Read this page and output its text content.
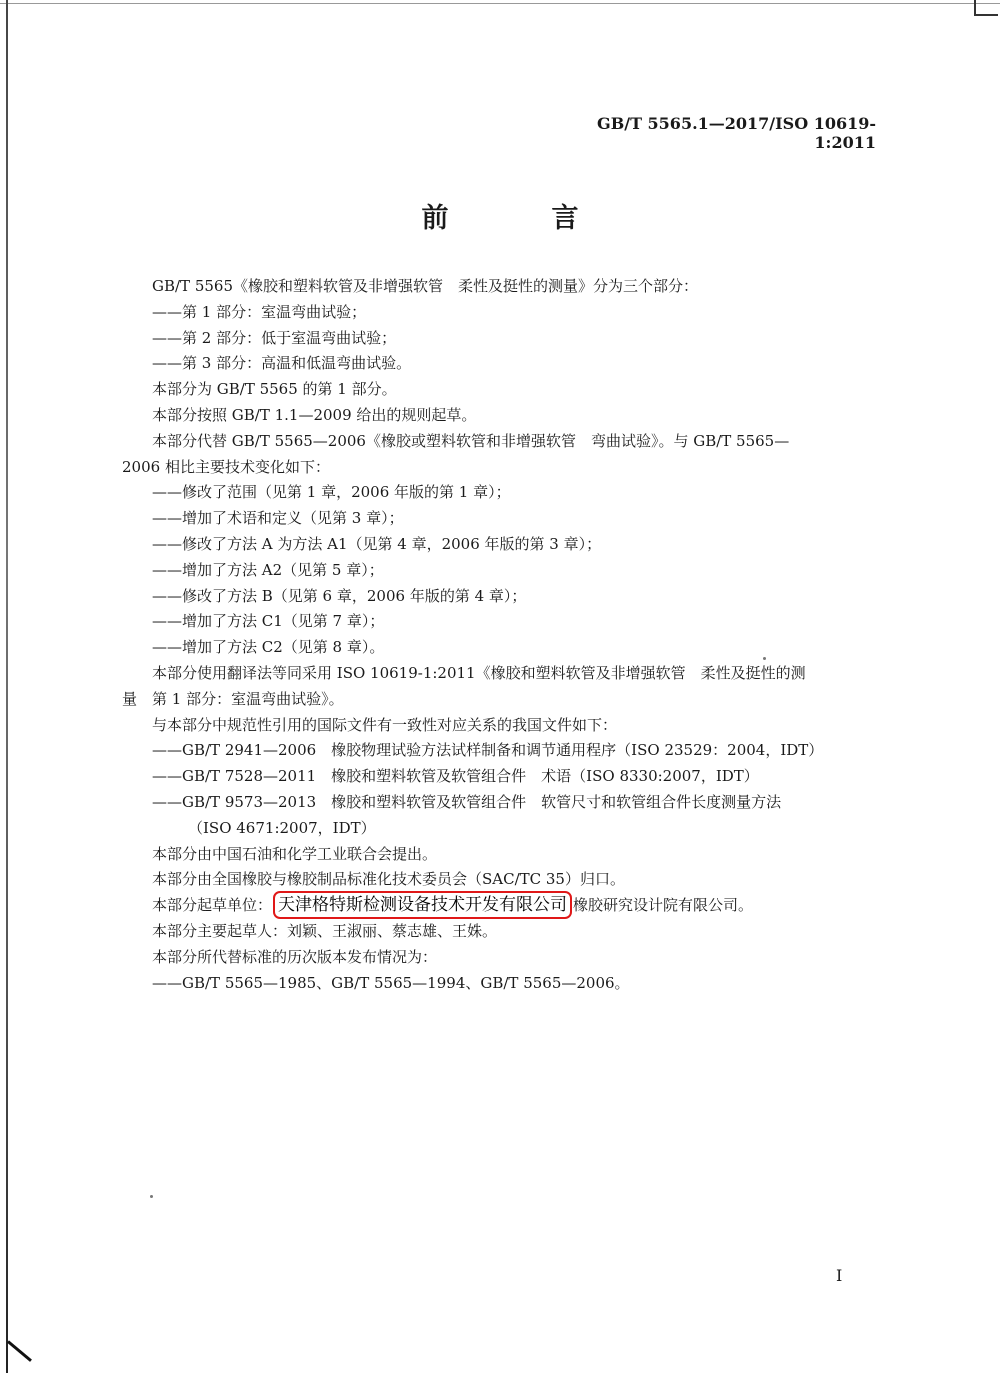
GB/T 5565.1—2017/ISO 10619-1:2011
前　言

GB/T 5565《橡胶和塑料软管及非增强软管　柔性及挺性的测量》分为三个部分：

——第 1 部分：室温弯曲试验；

——第 2 部分：低于室温弯曲试验；

——第 3 部分：高温和低温弯曲试验。

本部分为 GB/T 5565 的第 1 部分。

本部分按照 GB/T 1.1—2009 给出的规则起草。

本部分代替 GB/T 5565—2006《橡胶或塑料软管和非增强软管　弯曲试验》。与 GB/T 5565—

2006 相比主要技术变化如下：

——修改了范围（见第 1 章，2006 年版的第 1 章）；

——增加了术语和定义（见第 3 章）；

——修改了方法 A 为方法 A1（见第 4 章，2006 年版的第 3 章）；

——增加了方法 A2（见第 5 章）；

——修改了方法 B（见第 6 章，2006 年版的第 4 章）；

——增加了方法 C1（见第 7 章）；

——增加了方法 C2（见第 8 章）。

本部分使用翻译法等同采用 ISO 10619-1:2011《橡胶和塑料软管及非增强软管　柔性及挺性的测

量　第 1 部分：室温弯曲试验》。

与本部分中规范性引用的国际文件有一致性对应关系的我国文件如下：

——GB/T 2941—2006　橡胶物理试验方法试样制备和调节通用程序（ISO 23529：2004，IDT）

——GB/T 7528—2011　橡胶和塑料软管及软管组合件　术语（ISO 8330:2007，IDT）

——GB/T 9573—2013　橡胶和塑料软管及软管组合件　软管尺寸和软管组合件长度测量方法

（ISO 4671:2007，IDT）

本部分由中国石油和化学工业联合会提出。

本部分由全国橡胶与橡胶制品标准化技术委员会（SAC/TC 35）归口。

本部分起草单位： 天津格特斯检测设备技术开发有限公司 橡胶研究设计院有限公司。

本部分主要起草人：刘颖、王淑丽、蔡志雄、王姝。

本部分所代替标准的历次版本发布情况为：

——GB/T 5565—1985、GB/T 5565—1994、GB/T 5565—2006。

I
